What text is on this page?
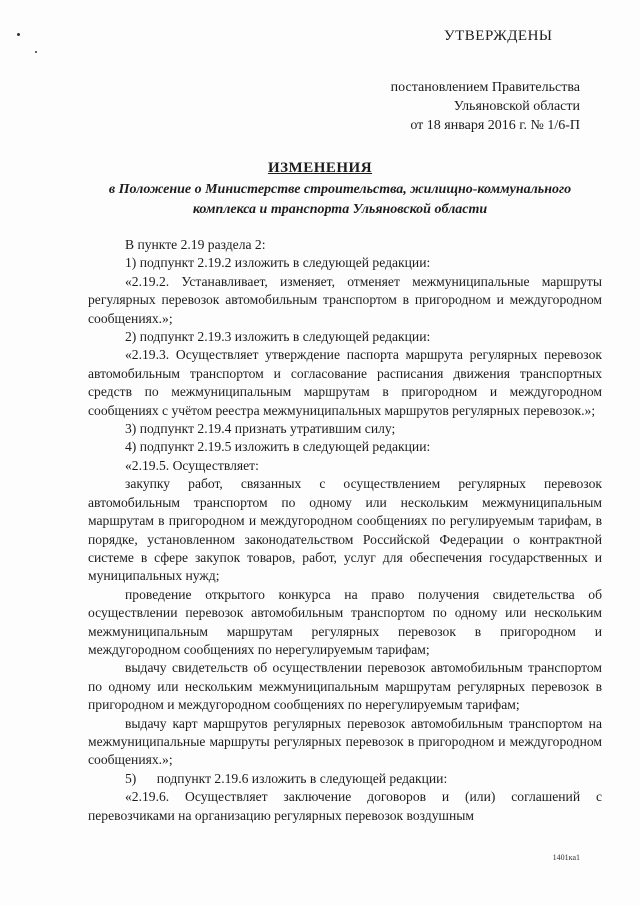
УТВЕРЖДЕНЫ
постановлением Правительства
Ульяновской области
от 18 января 2016 г. № 1/6-П
ИЗМЕНЕНИЯ
в Положение о Министерстве строительства, жилищно-коммунального
комплекса и транспорта Ульяновской области

В пункте 2.19 раздела 2:

1) подпункт 2.19.2 изложить в следующей редакции:

«2.19.2. Устанавливает, изменяет, отменяет межмуниципальные маршруты регулярных перевозок автомобильным транспортом в пригородном и междугородном сообщениях.»;

2) подпункт 2.19.3 изложить в следующей редакции:

«2.19.3. Осуществляет утверждение паспорта маршрута регулярных перевозок автомобильным транспортом и согласование расписания движения транспортных средств по межмуниципальным маршрутам в пригородном и междугородном сообщениях с учётом реестра межмуниципальных маршрутов регулярных перевозок.»;

3) подпункт 2.19.4 признать утратившим силу;

4) подпункт 2.19.5 изложить в следующей редакции:

«2.19.5. Осуществляет:

закупку работ, связанных с осуществлением регулярных перевозок автомобильным транспортом по одному или нескольким межмуниципальным маршрутам в пригородном и междугородном сообщениях по регулируемым тарифам, в порядке, установленном законодательством Российской Федерации о контрактной системе в сфере закупок товаров, работ, услуг для обеспечения государственных и муниципальных нужд;

проведение открытого конкурса на право получения свидетельства об осуществлении перевозок автомобильным транспортом по одному или нескольким межмуниципальным маршрутам регулярных перевозок в пригородном и междугородном сообщениях по нерегулируемым тарифам;

выдачу свидетельств об осуществлении перевозок автомобильным транспортом по одному или нескольким межмуниципальным маршрутам регулярных перевозок в пригородном и междугородном сообщениях по нерегулируемым тарифам;

выдачу карт маршрутов регулярных перевозок автомобильным транспортом на межмуниципальные маршруты регулярных перевозок в пригородном и междугородном сообщениях.»;

5)      подпункт 2.19.6 изложить в следующей редакции:

«2.19.6. Осуществляет заключение договоров и (или) соглашений с перевозчиками на организацию регулярных перевозок воздушным

1401ка1
